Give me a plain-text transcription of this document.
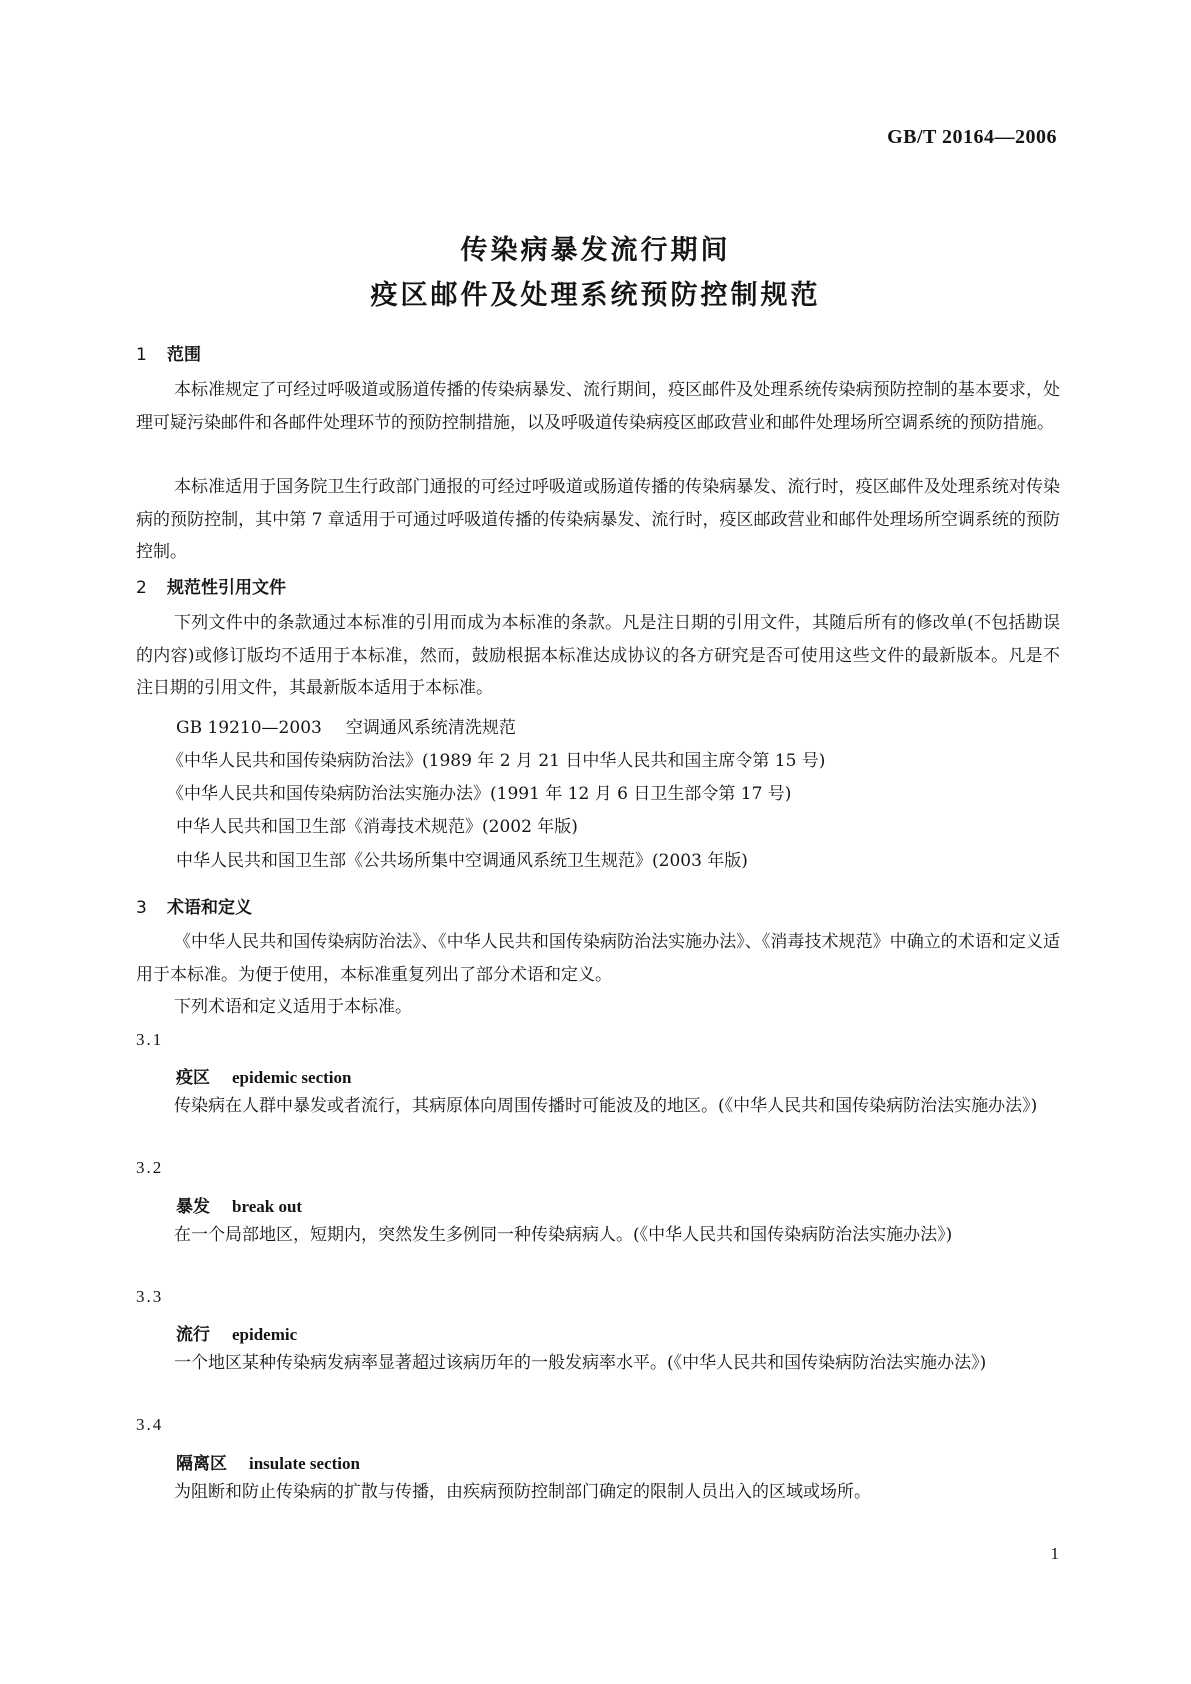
GB/T 20164—2006
传染病暴发流行期间
疫区邮件及处理系统预防控制规范
1 范围

本标准规定了可经过呼吸道或肠道传播的传染病暴发、流行期间，疫区邮件及处理系统传染病预防控制的基本要求，处理可疑污染邮件和各邮件处理环节的预防控制措施，以及呼吸道传染病疫区邮政营业和邮件处理场所空调系统的预防措施。

本标准适用于国务院卫生行政部门通报的可经过呼吸道或肠道传播的传染病暴发、流行时，疫区邮件及处理系统对传染病的预防控制，其中第 7 章适用于可通过呼吸道传播的传染病暴发、流行时，疫区邮政营业和邮件处理场所空调系统的预防控制。

2 规范性引用文件

下列文件中的条款通过本标准的引用而成为本标准的条款。凡是注日期的引用文件，其随后所有的修改单(不包括勘误的内容)或修订版均不适用于本标准，然而，鼓励根据本标准达成协议的各方研究是否可使用这些文件的最新版本。凡是不注日期的引用文件，其最新版本适用于本标准。

GB 19210—2003 空调通风系统清洗规范
《中华人民共和国传染病防治法》(1989 年 2 月 21 日中华人民共和国主席令第 15 号)
《中华人民共和国传染病防治法实施办法》(1991 年 12 月 6 日卫生部令第 17 号)
中华人民共和国卫生部《消毒技术规范》(2002 年版)
中华人民共和国卫生部《公共场所集中空调通风系统卫生规范》(2003 年版)
3 术语和定义

《中华人民共和国传染病防治法》、《中华人民共和国传染病防治法实施办法》、《消毒技术规范》中确立的术语和定义适用于本标准。为便于使用，本标准重复列出了部分术语和定义。

下列术语和定义适用于本标准。

3.1
疫区 epidemic section

传染病在人群中暴发或者流行，其病原体向周围传播时可能波及的地区。(《中华人民共和国传染病防治法实施办法》)

3.2
暴发 break out

在一个局部地区，短期内，突然发生多例同一种传染病病人。(《中华人民共和国传染病防治法实施办法》)

3.3
流行 epidemic

一个地区某种传染病发病率显著超过该病历年的一般发病率水平。(《中华人民共和国传染病防治法实施办法》)

3.4
隔离区 insulate section

为阻断和防止传染病的扩散与传播，由疾病预防控制部门确定的限制人员出入的区域或场所。

1
